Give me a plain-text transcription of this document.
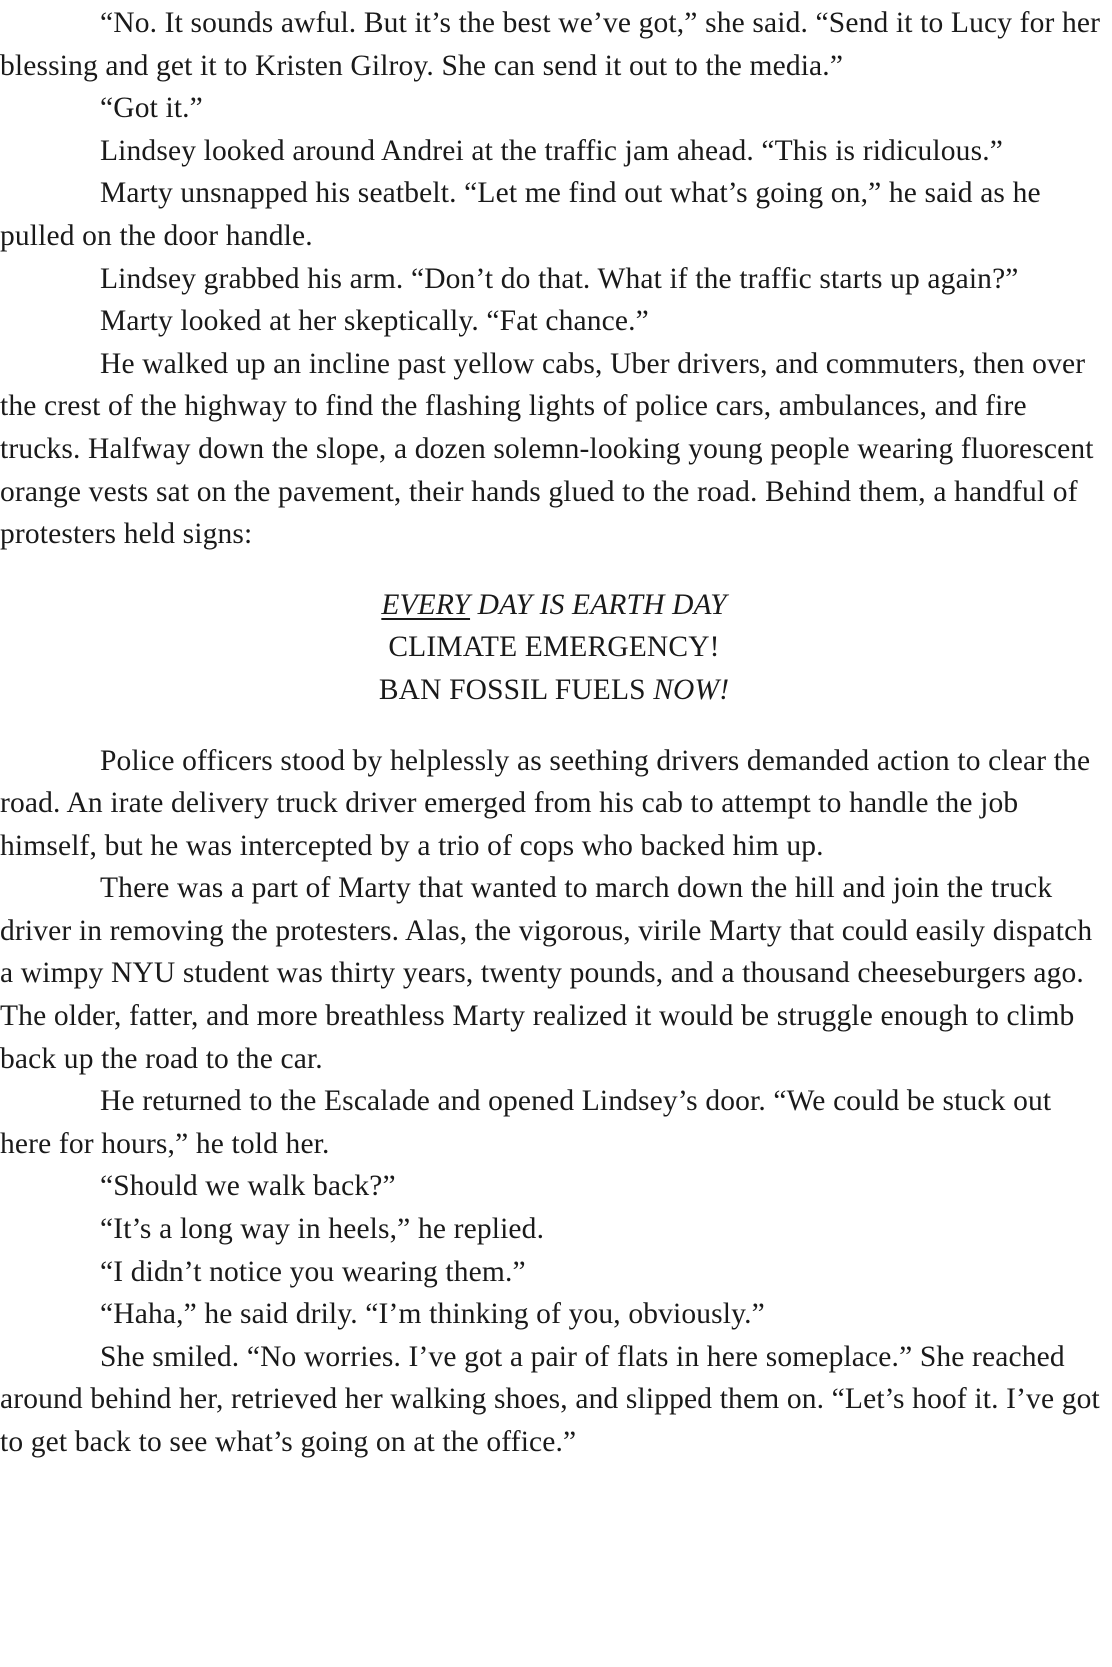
“No. It sounds awful. But it’s the best we’ve got,” she said. “Send it to Lucy for her blessing and get it to Kristen Gilroy. She can send it out to the media.”

“Got it.”

Lindsey looked around Andrei at the traffic jam ahead. “This is ridiculous.”

Marty unsnapped his seatbelt. “Let me find out what’s going on,” he said as he pulled on the door handle.

Lindsey grabbed his arm. “Don’t do that. What if the traffic starts up again?”

Marty looked at her skeptically. “Fat chance.”

He walked up an incline past yellow cabs, Uber drivers, and commuters, then over the crest of the highway to find the flashing lights of police cars, ambulances, and fire trucks. Halfway down the slope, a dozen solemn-looking young people wearing fluorescent orange vests sat on the pavement, their hands glued to the road. Behind them, a handful of protesters held signs:

EVERY DAY IS EARTH DAY
CLIMATE EMERGENCY!
BAN FOSSIL FUELS NOW!

Police officers stood by helplessly as seething drivers demanded action to clear the road. An irate delivery truck driver emerged from his cab to attempt to handle the job himself, but he was intercepted by a trio of cops who backed him up.

There was a part of Marty that wanted to march down the hill and join the truck driver in removing the protesters. Alas, the vigorous, virile Marty that could easily dispatch a wimpy NYU student was thirty years, twenty pounds, and a thousand cheeseburgers ago. The older, fatter, and more breathless Marty realized it would be struggle enough to climb back up the road to the car.

He returned to the Escalade and opened Lindsey’s door. “We could be stuck out here for hours,” he told her.

“Should we walk back?”

“It’s a long way in heels,” he replied.

“I didn’t notice you wearing them.”

“Haha,” he said drily. “I’m thinking of you, obviously.”

She smiled. “No worries. I’ve got a pair of flats in here someplace.” She reached around behind her, retrieved her walking shoes, and slipped them on. “Let’s hoof it. I’ve got to get back to see what’s going on at the office.”
